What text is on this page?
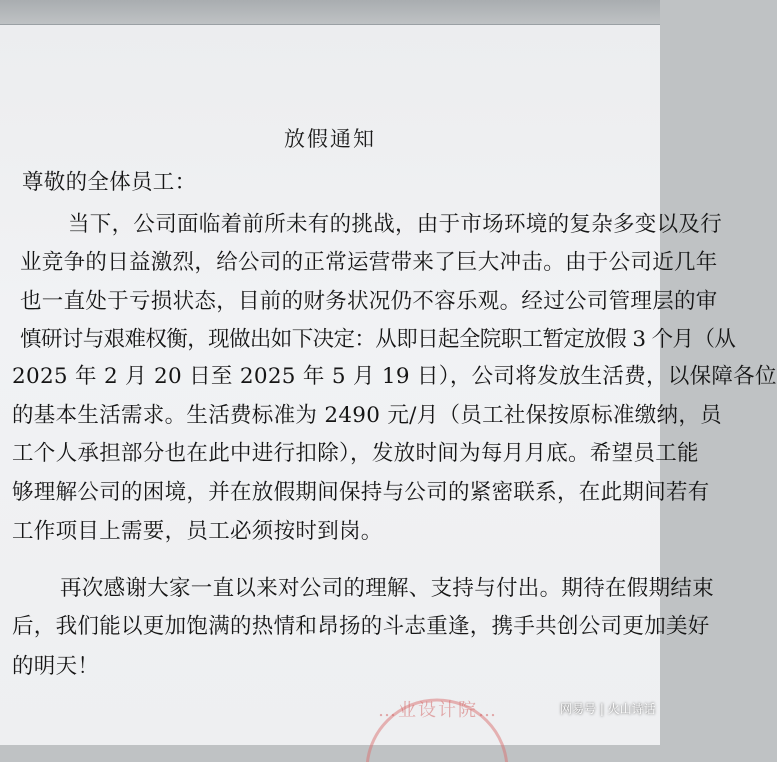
放假通知
尊敬的全体员工：
当下，公司面临着前所未有的挑战，由于市场环境的复杂多变以及行
业竞争的日益激烈，给公司的正常运营带来了巨大冲击。由于公司近几年
也一直处于亏损状态，目前的财务状况仍不容乐观。经过公司管理层的审
慎研讨与艰难权衡，现做出如下决定：从即日起全院职工暂定放假 3 个月（从
2025 年 2 月 20 日至 2025 年 5 月 19 日），公司将发放生活费，以保障各位
的基本生活需求。生活费标准为 2490 元/月（员工社保按原标准缴纳，员
工个人承担部分也在此中进行扣除），发放时间为每月月底。希望员工能
够理解公司的困境，并在放假期间保持与公司的紧密联系，在此期间若有
工作项目上需要，员工必须按时到岗。
再次感谢大家一直以来对公司的理解、支持与付出。期待在假期结束
后，我们能以更加饱满的热情和昂扬的斗志重逢，携手共创公司更加美好
的明天！
…业设计院…	网易号 | 火山诗话
